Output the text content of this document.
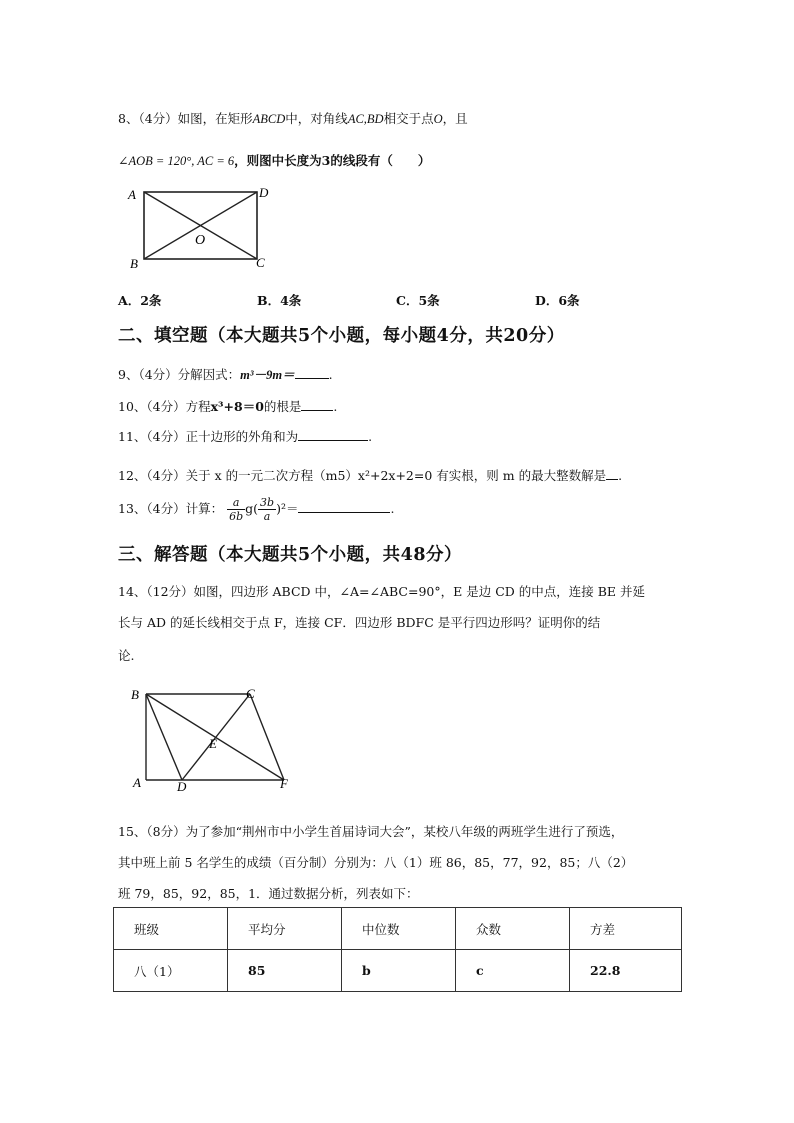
8、（4分）如图，在矩形ABCD中，对角线AC,BD相交于点O，且
∠AOB = 120°, AC = 6，则图中长度为3的线段有（　　）
A	D
B	C
O
A．2条	B．4条	C．5条	D．6条
二、填空题（本大题共5个小题，每小题4分，共20分）
9、（4分）分解因式：m³－9m＝	.
10、（4分）方程x³+8＝0的根是	.
11、（4分）正十边形的外角和为	.
12、（4分）关于 x 的一元二次方程（m5）x²+2x+2=0 有实根，则 m 的最大整数解是 .
13、（4分）计算： $\frac{a}{6b} g( \frac{3b}{a} )^2=$	.
三、解答题（本大题共5个小题，共48分）
14、（12分）如图，四边形 ABCD 中，∠A=∠ABC=90°，E 是边 CD 的中点，连接 BE 并延
长与 AD 的延长线相交于点 F，连接 CF．四边形 BDFC 是平行四边形吗？证明你的结
论.
B	C
A	D
E
F
15、（8分）为了参加“荆州市中小学生首届诗词大会”，某校八年级的两班学生进行了预选，
其中班上前 5 名学生的成绩（百分制）分别为：八（1）班 86，85，77，92，85；八（2）
班 79，85，92，85，1．通过数据分析，列表如下：
班级	平均分	中位数	众数	方差
八（1）	85	b	c	22.8
